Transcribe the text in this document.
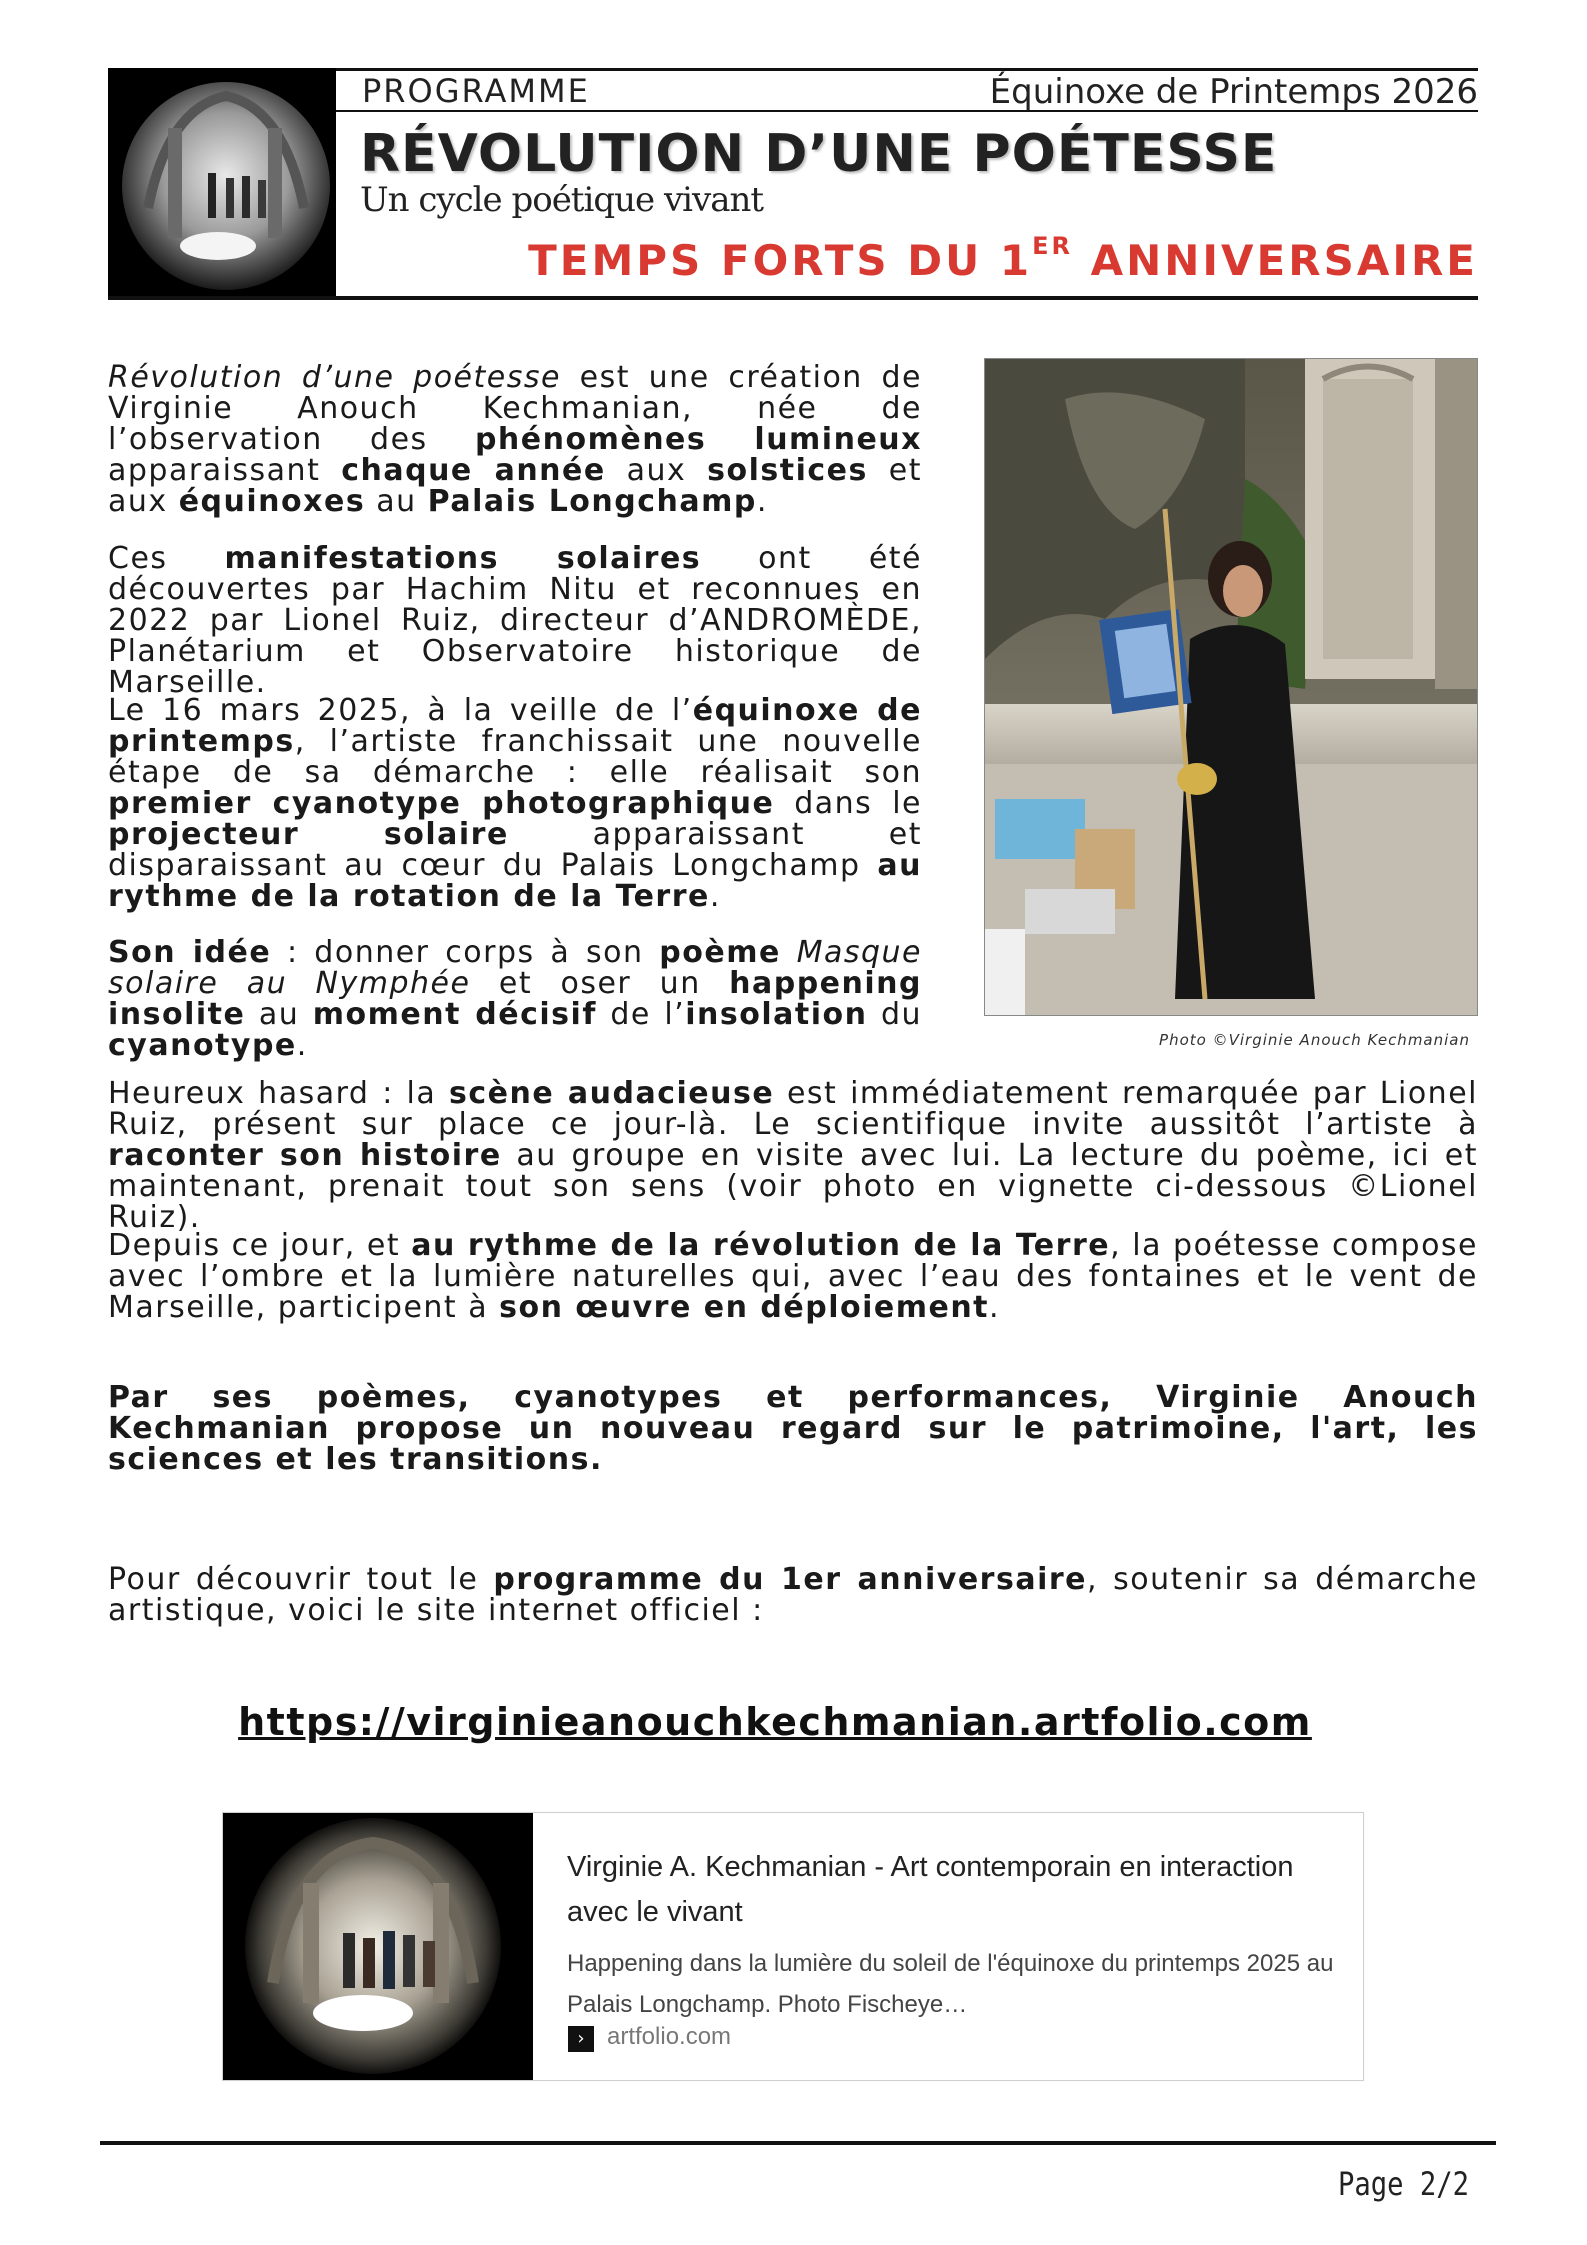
PROGRAMME	Équinoxe de Printemps 2026
RÉVOLUTION D’UNE POÉTESSE
Un cycle poétique vivant
TEMPS FORTS DU 1ER ANNIVERSAIRE
Révolution d’une poétesse est une création de Virginie Anouch Kechmanian, née de l’observation des phénomènes lumineux apparaissant chaque année aux solstices et aux équinoxes au Palais Longchamp.
Ces manifestations solaires ont été découvertes par Hachim Nitu et reconnues en 2022 par Lionel Ruiz, directeur d’ANDROMÈDE, Planétarium et Observatoire historique de Marseille.
Le 16 mars 2025, à la veille de l’équinoxe de printemps, l’artiste franchissait une nouvelle étape de sa démarche : elle réalisait son premier cyanotype photographique dans le projecteur solaire apparaissant et disparaissant au cœur du Palais Longchamp au rythme de la rotation de la Terre.
Son idée : donner corps à son poème Masque solaire au Nymphée et oser un happening insolite au moment décisif de l’insolation du cyanotype.	Photo ©Virginie Anouch Kechmanian
Heureux hasard : la scène audacieuse est immédiatement remarquée par Lionel Ruiz, présent sur place ce jour-là. Le scientifique invite aussitôt l’artiste à raconter son histoire au groupe en visite avec lui. La lecture du poème, ici et maintenant, prenait tout son sens (voir photo en vignette ci-dessous ©Lionel Ruiz).
Depuis ce jour, et au rythme de la révolution de la Terre, la poétesse compose avec l’ombre et la lumière naturelles qui, avec l’eau des fontaines et le vent de Marseille, participent à son œuvre en déploiement.
Par ses poèmes, cyanotypes et performances, Virginie Anouch Kechmanian propose un nouveau regard sur le patrimoine, l'art, les sciences et les transitions.
Pour découvrir tout le programme du 1er anniversaire, soutenir sa démarche artistique, voici le site internet officiel :
https://virginieanouchkechmanian.artfolio.com
Virginie A. Kechmanian - Art contemporain en interaction avec le vivant
Happening dans la lumière du soleil de l'équinoxe du printemps 2025 au Palais Longchamp. Photo Fischeye…
› artfolio.com
Page 2/2
